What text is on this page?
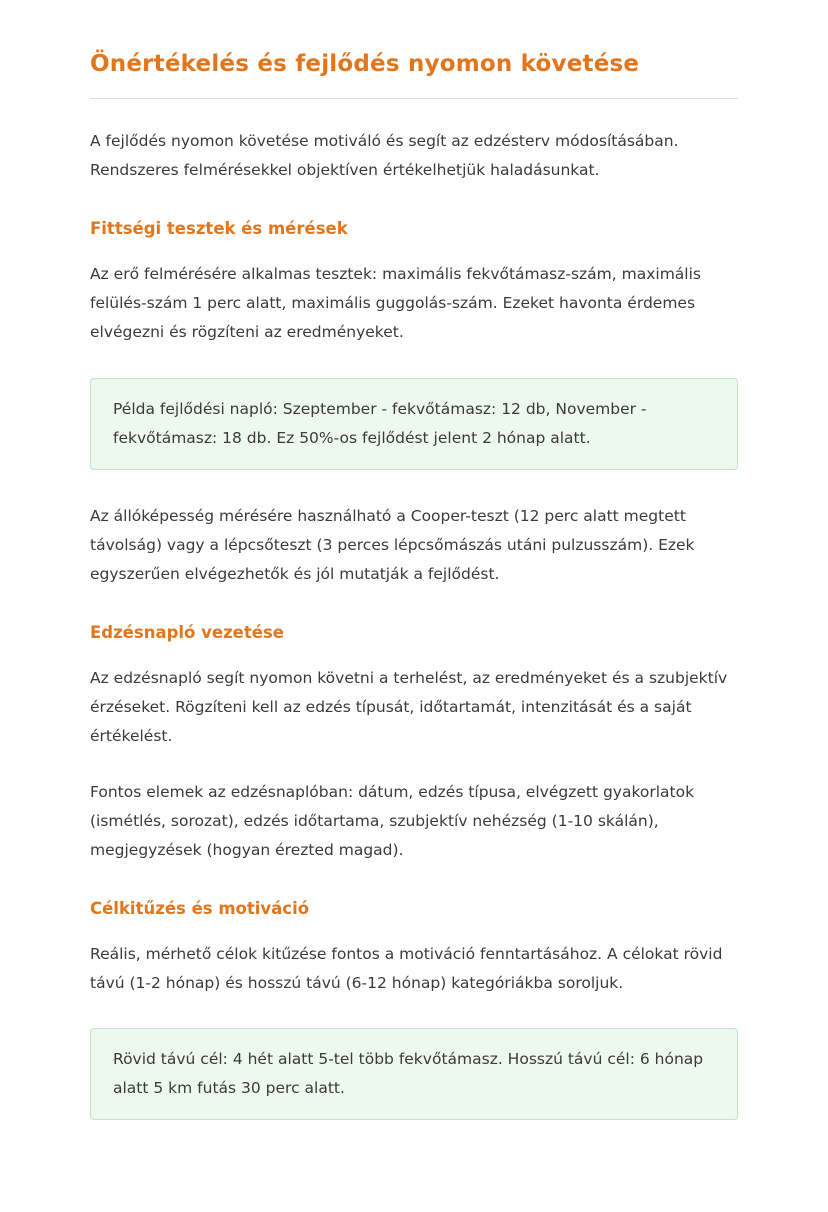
Önértékelés és fejlődés nyomon követése

A fejlődés nyomon követése motiváló és segít az edzésterv módosításában. Rendszeres felmérésekkel objektíven értékelhetjük haladásunkat.

Fittségi tesztek és mérések

Az erő felmérésére alkalmas tesztek: maximális fekvőtámasz-szám, maximális felülés-szám 1 perc alatt, maximális guggolás-szám. Ezeket havonta érdemes elvégezni és rögzíteni az eredményeket.

Példa fejlődési napló: Szeptember - fekvőtámasz: 12 db, November - fekvőtámasz: 18 db. Ez 50%-os fejlődést jelent 2 hónap alatt.

Az állóképesség mérésére használható a Cooper-teszt (12 perc alatt megtett távolság) vagy a lépcsőteszt (3 perces lépcsőmászás utáni pulzusszám). Ezek egyszerűen elvégezhetők és jól mutatják a fejlődést.

Edzésnapló vezetése

Az edzésnapló segít nyomon követni a terhelést, az eredményeket és a szubjektív érzéseket. Rögzíteni kell az edzés típusát, időtartamát, intenzitását és a saját értékelést.

Fontos elemek az edzésnaplóban: dátum, edzés típusa, elvégzett gyakorlatok (ismétlés, sorozat), edzés időtartama, szubjektív nehézség (1-10 skálán), megjegyzések (hogyan érezted magad).

Célkitűzés és motiváció

Reális, mérhető célok kitűzése fontos a motiváció fenntartásához. A célokat rövid távú (1-2 hónap) és hosszú távú (6-12 hónap) kategóriákba soroljuk.

Rövid távú cél: 4 hét alatt 5-tel több fekvőtámasz. Hosszú távú cél: 6 hónap alatt 5 km futás 30 perc alatt.
